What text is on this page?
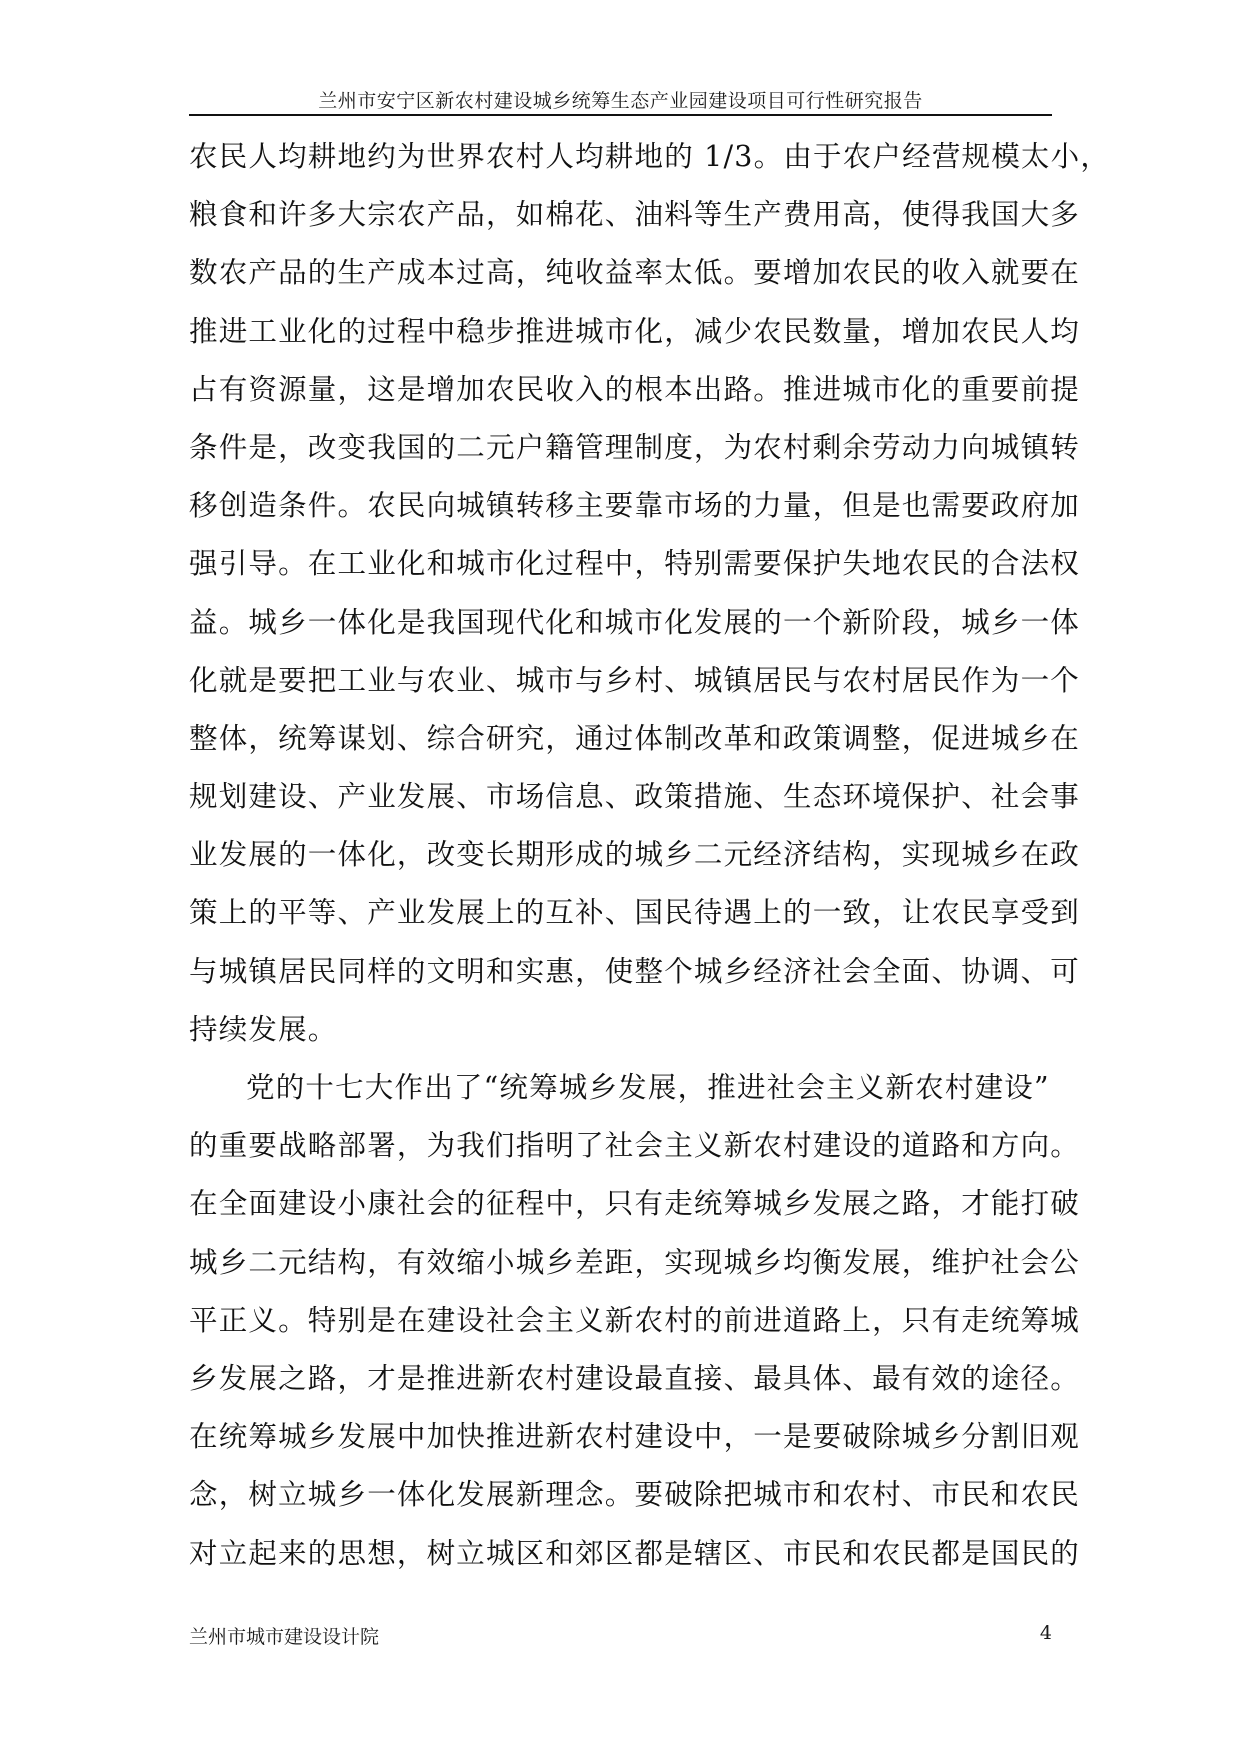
兰州市安宁区新农村建设城乡统筹生态产业园建设项目可行性研究报告
农民人均耕地约为世界农村人均耕地的 1/3。由于农户经营规模太小，
粮食和许多大宗农产品，如棉花、油料等生产费用高，使得我国大多
数农产品的生产成本过高，纯收益率太低。要增加农民的收入就要在
推进工业化的过程中稳步推进城市化，减少农民数量，增加农民人均
占有资源量，这是增加农民收入的根本出路。推进城市化的重要前提
条件是，改变我国的二元户籍管理制度，为农村剩余劳动力向城镇转
移创造条件。农民向城镇转移主要靠市场的力量，但是也需要政府加
强引导。在工业化和城市化过程中，特别需要保护失地农民的合法权
益。城乡一体化是我国现代化和城市化发展的一个新阶段，城乡一体
化就是要把工业与农业、城市与乡村、城镇居民与农村居民作为一个
整体，统筹谋划、综合研究，通过体制改革和政策调整，促进城乡在
规划建设、产业发展、市场信息、政策措施、生态环境保护、社会事
业发展的一体化，改变长期形成的城乡二元经济结构，实现城乡在政
策上的平等、产业发展上的互补、国民待遇上的一致，让农民享受到
与城镇居民同样的文明和实惠，使整个城乡经济社会全面、协调、可
持续发展。
党的十七大作出了“统筹城乡发展，推进社会主义新农村建设”
的重要战略部署，为我们指明了社会主义新农村建设的道路和方向。
在全面建设小康社会的征程中，只有走统筹城乡发展之路，才能打破
城乡二元结构，有效缩小城乡差距，实现城乡均衡发展，维护社会公
平正义。特别是在建设社会主义新农村的前进道路上，只有走统筹城
乡发展之路，才是推进新农村建设最直接、最具体、最有效的途径。
在统筹城乡发展中加快推进新农村建设中，一是要破除城乡分割旧观
念，树立城乡一体化发展新理念。要破除把城市和农村、市民和农民
对立起来的思想，树立城区和郊区都是辖区、市民和农民都是国民的
兰州市城市建设设计院	4
